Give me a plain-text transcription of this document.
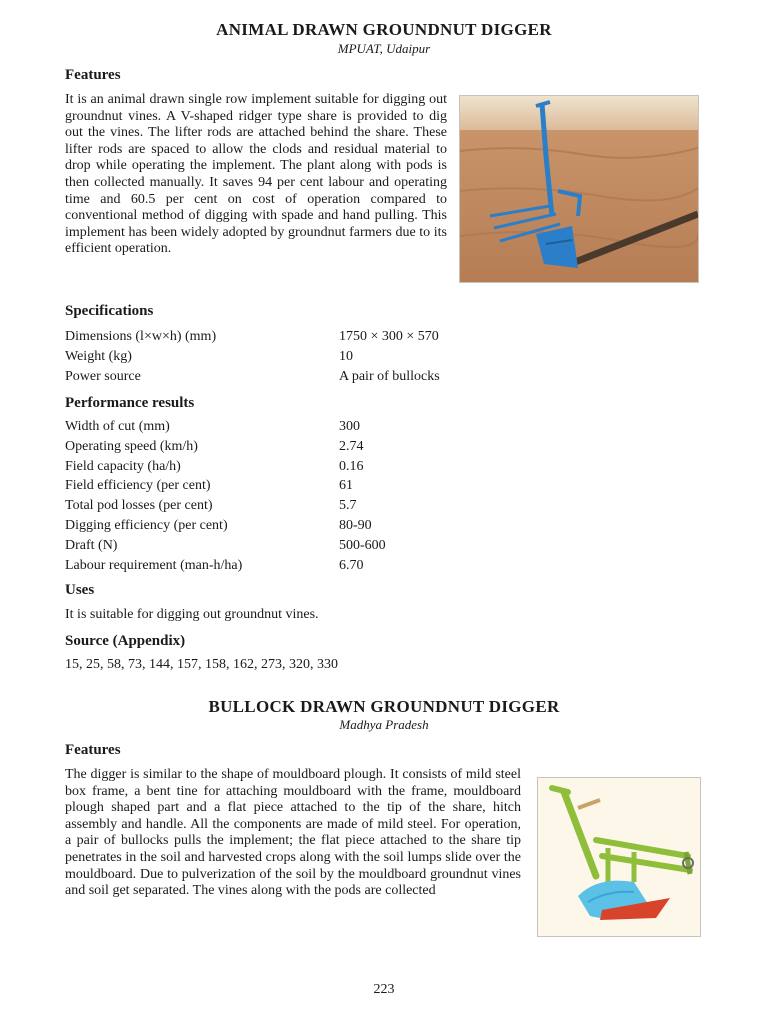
ANIMAL DRAWN GROUNDNUT DIGGER
MPUAT, Udaipur
Features

It is an animal drawn single row implement suitable for digging out groundnut vines. A V-shaped ridger type share is provided to dig out the vines. The lifter rods are attached behind the share. These lifter rods are spaced to allow the clods and residual material to drop while operating the implement. The plant along with pods is then collected manually. It saves 94 per cent labour and operating time and 60.5 per cent on cost of operation compared to conventional method of digging with spade and hand pulling. This implement has been widely adopted by groundnut farmers due to its efficient operation.

Specifications
Dimensions (l×w×h) (mm)	1750 × 300 × 570
Weight (kg)	10
Power source	A pair of bullocks
Performance results
Width of cut (mm)	300
Operating speed (km/h)	2.74
Field capacity (ha/h)	0.16
Field efficiency (per cent)	61
Total pod losses (per cent)	5.7
Digging efficiency (per cent)	80-90
Draft (N)	500-600
Labour requirement (man-h/ha)	6.70
Uses
It is suitable for digging out groundnut vines.
Source (Appendix)
15, 25, 58, 73, 144, 157, 158, 162, 273, 320, 330
BULLOCK DRAWN GROUNDNUT DIGGER
Madhya Pradesh
Features

The digger is similar to the shape of mouldboard plough. It consists of mild steel box frame, a bent tine for attaching mouldboard with the frame, mouldboard plough shaped part and a flat piece attached to the tip of the share, hitch assembly and handle. All the components are made of mild steel. For operation, a pair of bullocks pulls the implement; the flat piece attached to the share tip penetrates in the soil and harvested crops along with the soil lumps slide over the mouldboard. Due to pulverization of the soil by the mouldboard groundnut vines and soil get separated. The vines along with the pods are collected

223
